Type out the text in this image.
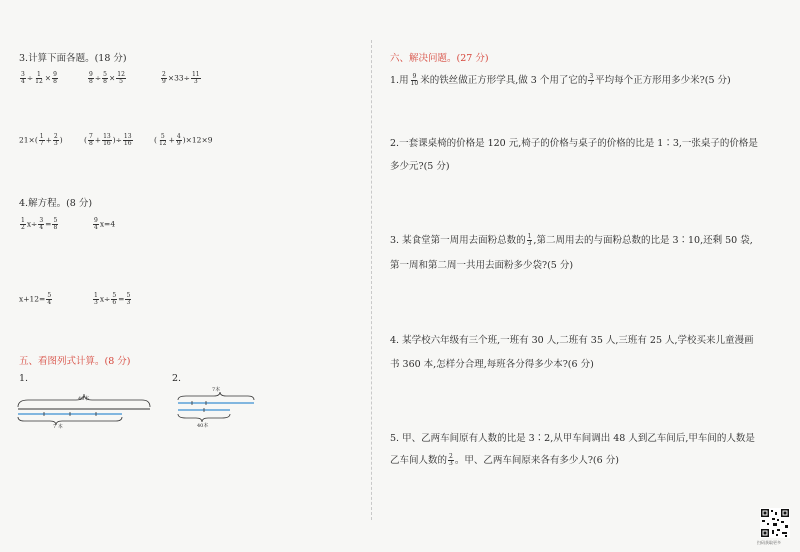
3.计算下面各题。(18 分)
$\frac{3}{4} \div \frac{1}{12} \times \frac{9}{8}$	$\frac{9}{8} \div \frac{5}{8} \times \frac{12}{5}$	$\frac{2}{9} \times 33\div \frac{11}{3}$
$21\times( \frac{1}{7} + \frac{2}{3}$ )	( $\frac{7}{8} + \frac{13}{16}$ )÷ $\frac{13}{16}$	( $\frac{5}{12} + \frac{4}{9} )\times 12\times 9$
4.解方程。(8 分)
$\frac{1}{2} x\div \frac{3}{4} = \frac{5}{8}$	$\frac{9}{4} x=4$
$x+12= \frac{5}{4}$	$\frac{1}{3} x\div \frac{5}{6} = \frac{5}{3}$
五、看图列式计算。(8 分)
1.	2.
40本
7 本
7本
40本
六、解决问题。(27 分)
1.用 $\frac{9}{10}$ 米的铁丝做正方形学具,做 3 个用了它的 $\frac{3}{7}$ 平均每个正方形用多少米?(5 分)
2.一套课桌椅的价格是 120 元,椅子的价格与桌子的价格的比是 1∶3,一张桌子的价格是
多少元?(5 分)
3. 某食堂第一周用去面粉总数的 $\frac{1}{3}$ ,第二周用去的与面粉总数的比是 3∶10,还剩 50 袋,
第一周和第二周一共用去面粉多少袋?(5 分)
4. 某学校六年级有三个班,一班有 30 人,二班有 35 人,三班有 25 人,学校买来儿童漫画
书 360 本,怎样分合理,每班各分得多少本?(6 分)
5. 甲、乙两车间原有人数的比是 3∶2,从甲车间调出 48 人到乙车间后,甲车间的人数是
乙车间人数的 $\frac{2}{3}$ 。甲、乙两车间原来各有多少人?(6 分)
扫码获取更多
